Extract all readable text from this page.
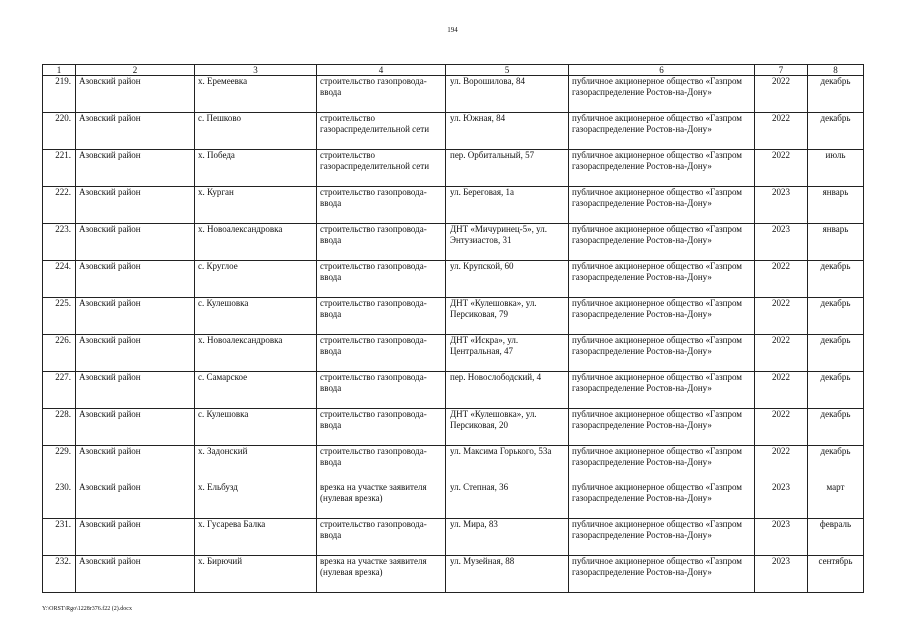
194
1	2	3	4	5	6	7	8
219.	Азовский район	х. Еремеевка	строительство газопровода-ввода	ул. Ворошилова, 84	публичное акционерное общество «Газпром газораспределение Ростов-на-Дону»	2022	декабрь
220.	Азовский район	с. Пешково	строительство газораспределительной сети	ул. Южная, 84	публичное акционерное общество «Газпром газораспределение Ростов-на-Дону»	2022	декабрь
221.	Азовский район	х. Победа	строительство газораспределительной сети	пер. Орбитальный, 57	публичное акционерное общество «Газпром газораспределение Ростов-на-Дону»	2022	июль
222.	Азовский район	х. Курган	строительство газопровода-ввода	ул. Береговая, 1а	публичное акционерное общество «Газпром газораспределение Ростов-на-Дону»	2023	январь
223.	Азовский район	х. Новоалександровка	строительство газопровода-ввода	ДНТ «Мичуринец-5», ул. Энтузиастов, 31	публичное акционерное общество «Газпром газораспределение Ростов-на-Дону»	2023	январь
224.	Азовский район	с. Круглое	строительство газопровода-ввода	ул. Крупской, 60	публичное акционерное общество «Газпром газораспределение Ростов-на-Дону»	2022	декабрь
225.	Азовский район	с. Кулешовка	строительство газопровода-ввода	ДНТ «Кулешовка», ул. Персиковая, 79	публичное акционерное общество «Газпром газораспределение Ростов-на-Дону»	2022	декабрь
226.	Азовский район	х. Новоалександровка	строительство газопровода-ввода	ДНТ «Искра», ул. Центральная, 47	публичное акционерное общество «Газпром газораспределение Ростов-на-Дону»	2022	декабрь
227.	Азовский район	с. Самарское	строительство газопровода-ввода	пер. Новослободский, 4	публичное акционерное общество «Газпром газораспределение Ростов-на-Дону»	2022	декабрь
228.	Азовский район	с. Кулешовка	строительство газопровода-ввода	ДНТ «Кулешовка», ул. Персиковая, 20	публичное акционерное общество «Газпром газораспределение Ростов-на-Дону»	2022	декабрь
229.	Азовский район	х. Задонский	строительство газопровода-ввода	ул. Максима Горького, 53а	публичное акционерное общество «Газпром газораспределение Ростов-на-Дону»	2022	декабрь
230.	Азовский район	х. Ельбузд	врезка на участке заявителя (нулевая врезка)	ул. Степная, 36	публичное акционерное общество «Газпром газораспределение Ростов-на-Дону»	2023	март
231.	Азовский район	х. Гусарева Балка	строительство газопровода-ввода	ул. Мира, 83	публичное акционерное общество «Газпром газораспределение Ростов-на-Дону»	2023	февраль
232.	Азовский район	х. Бирючий	врезка на участке заявителя (нулевая врезка)	ул. Музейная, 88	публичное акционерное общество «Газпром газораспределение Ростов-на-Дону»	2023	сентябрь
Y:\ORST\Rgo\1228r376.f22 (2).docx
